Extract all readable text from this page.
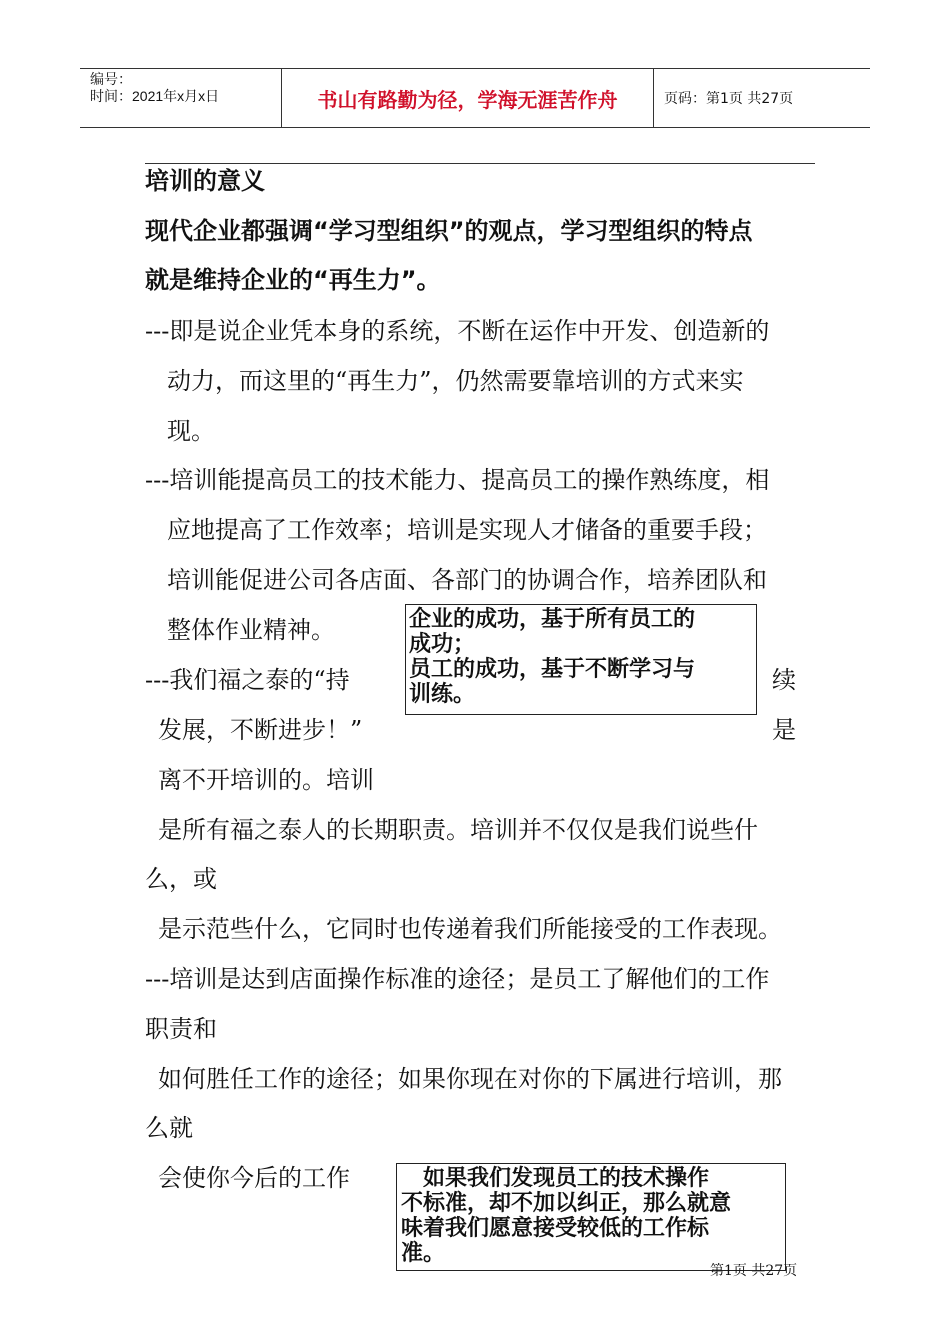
编号：
时间：2021年x月x日	书山有路勤为径，学海无涯苦作舟	页码：第1页 共27页
培训的意义
现代企业都强调“学习型组织”的观点，学习型组织的特点
就是维持企业的“再生力”。
---即是说企业凭本身的系统，不断在运作中开发、创造新的
动力，而这里的“再生力”，仍然需要靠培训的方式来实
现。
---培训能提高员工的技术能力、提高员工的操作熟练度，相
应地提高了工作效率；培训是实现人才储备的重要手段；
培训能促进公司各店面、各部门的协调合作，培养团队和
整体作业精神。
---我们福之泰的“持	续
发展，不断进步！”	是
离不开培训的。培训
是所有福之泰人的长期职责。培训并不仅仅是我们说些什
么，或
是示范些什么，它同时也传递着我们所能接受的工作表现。
---培训是达到店面操作标准的途径；是员工了解他们的工作
职责和
如何胜任工作的途径；如果你现在对你的下属进行培训，那
么就
会使你今后的工作
企业的成功，基于所有员工的
成功；
员工的成功，基于不断学习与
训练。
　如果我们发现员工的技术操作
不标准，却不加以纠正，那么就意
味着我们愿意接受较低的工作标
准。
第1页 共27页
